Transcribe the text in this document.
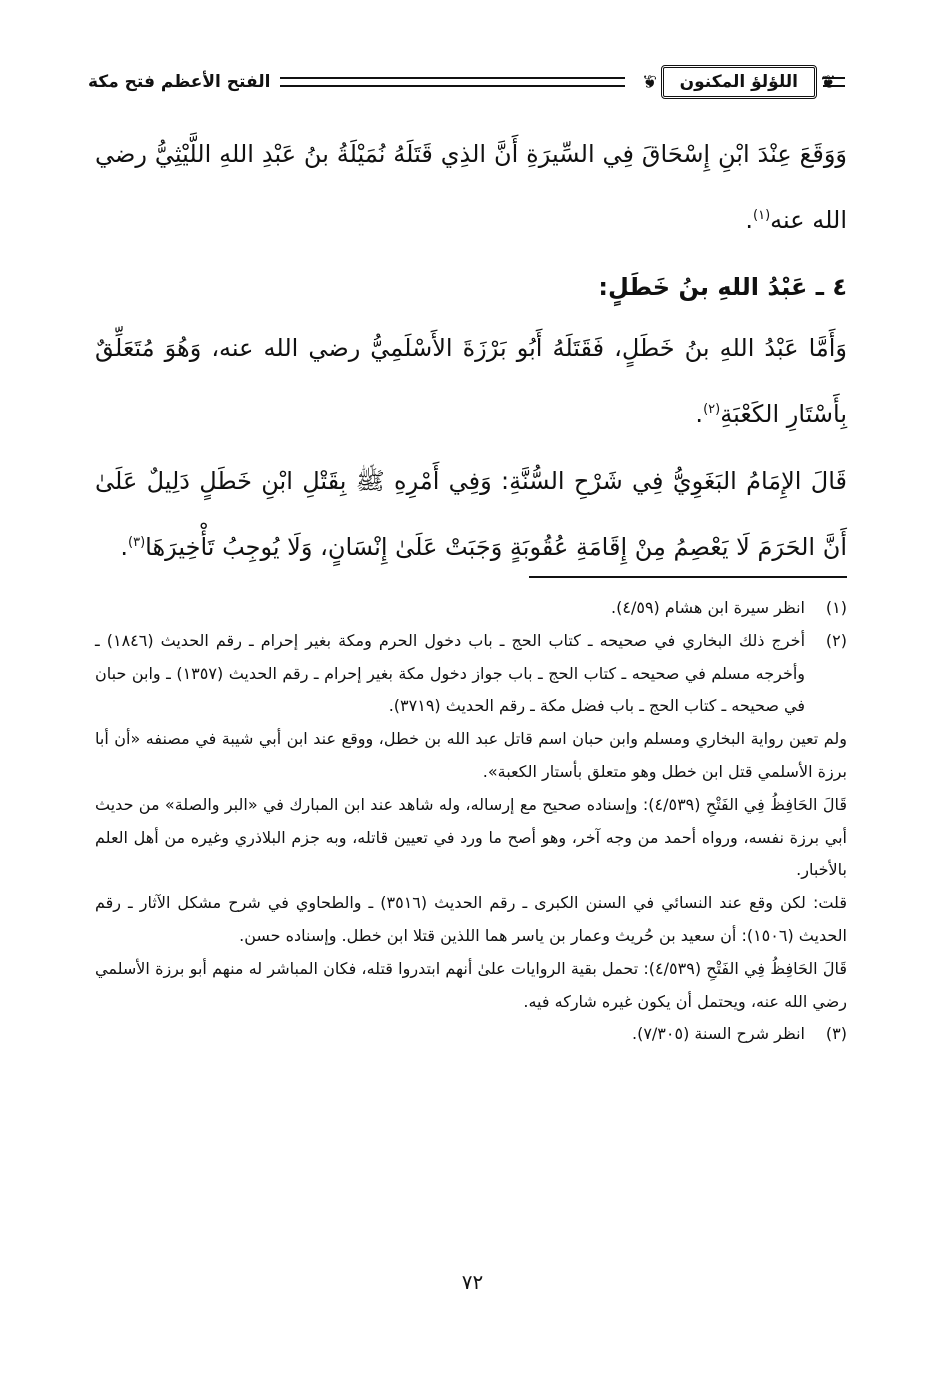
❦ اللؤلؤ المكنون ❦
الفتح الأعظم فتح مكة

وَوَقَعَ عِنْدَ ابْنِ إِسْحَاقَ فِي السِّيرَةِ أَنَّ الذِي قَتَلَهُ نُمَيْلَةُ بنُ عَبْدِ اللهِ اللَّيْثِيُّ رضي الله عنه$^{(١)}$.

٤ ـ عَبْدُ اللهِ بنُ خَطَلٍ:

وَأَمَّا عَبْدُ اللهِ بنُ خَطَلٍ، فَقَتَلَهُ أَبُو بَرْزَةَ الأَسْلَمِيُّ رضي الله عنه، وَهُوَ مُتَعَلِّقٌ بِأَسْتَارِ الكَعْبَةِ$^{(٢)}$.

قَالَ الإِمَامُ البَغَوِيُّ فِي شَرْحِ السُّنَّةِ: وَفِي أَمْرِهِ ﷺ بِقَتْلِ ابْنِ خَطَلٍ دَلِيلٌ عَلَىٰ أَنَّ الحَرَمَ لَا يَعْصِمُ مِنْ إِقَامَةِ عُقُوبَةٍ وَجَبَتْ عَلَىٰ إِنْسَانٍ، وَلَا يُوجِبُ تَأْخِيرَهَا$^{(٣)}$.

(١)
انظر سيرة ابن هشام (٤/٥٩).
(٢)
أخرج ذلك البخاري في صحيحه ـ كتاب الحج ـ باب دخول الحرم ومكة بغير إحرام ـ رقم الحديث (١٨٤٦) ـ وأخرجه مسلم في صحيحه ـ كتاب الحج ـ باب جواز دخول مكة بغير إحرام ـ رقم الحديث (١٣٥٧) ـ وابن حبان في صحيحه ـ كتاب الحج ـ باب فضل مكة ـ رقم الحديث (٣٧١٩).

ولم تعين رواية البخاري ومسلم وابن حبان اسم قاتل عبد الله بن خطل، ووقع عند ابن أبي شيبة في مصنفه «أن أبا برزة الأسلمي قتل ابن خطل وهو متعلق بأستار الكعبة».

قَالَ الحَافِظُ فِي الفَتْحِ (٤/٥٣٩): وإسناده صحيح مع إرساله، وله شاهد عند ابن المبارك في «البر والصلة» من حديث أبي برزة نفسه، ورواه أحمد من وجه آخر، وهو أصح ما ورد في تعيين قاتله، وبه جزم البلاذري وغيره من أهل العلم بالأخبار.

قلت: لكن وقع عند النسائي في السنن الكبرى ـ رقم الحديث (٣٥١٦) ـ والطحاوي في شرح مشكل الآثار ـ رقم الحديث (١٥٠٦): أن سعيد بن حُريث وعمار بن ياسر هما اللذين قتلا ابن خطل. وإسناده حسن.

قَالَ الحَافِظُ فِي الفَتْحِ (٤/٥٣٩): تحمل بقية الروايات علىٰ أنهم ابتدروا قتله، فكان المباشر له منهم أبو برزة الأسلمي رضي الله عنه، ويحتمل أن يكون غيره شاركه فيه.

(٣)
انظر شرح السنة (٧/٣٠٥).
٧٢
